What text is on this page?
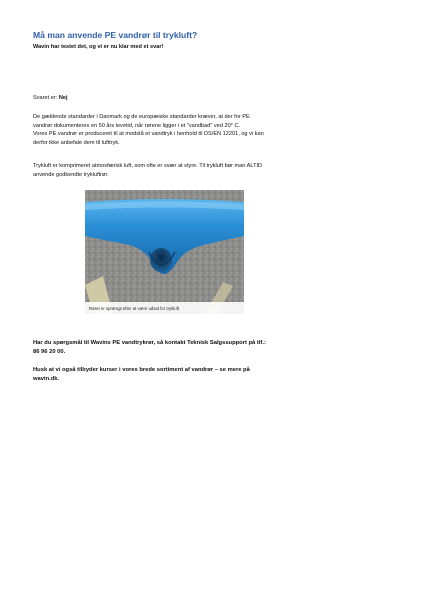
Må man anvende PE vandrør til trykluft?
Wavin har testet det, og vi er nu klar med et svar!
Svaret er: Nej
De gældende standarder i Danmark og de europæiske standarder kræver, at der for PE
vandrør dokumenteres en 50 års levetid, når rørene ligger i et "vandbad" ved 20° C.
Vores PE vandrør er produceret til at modstå et vandtryk i henhold til DS/EN 12201, og vi kan
derfor ikke anbefale dem til lufttryk.
Trykluft er komprimeret atmosfærisk luft, som ofte er svær at styre. Til trykluft bør man ALTID
anvende godkendte trykluftrør.
Røret er sprængt efter at være udsat for trykluft
Har du spørgsmål til Wavins PE vandtrykrør, så kontakt Teknisk Salgssupport på tlf.:
86 96 20 00.
Husk at vi også tilbyder kurser i vores brede sortiment af vandrør – se mere på
wavin.dk.
